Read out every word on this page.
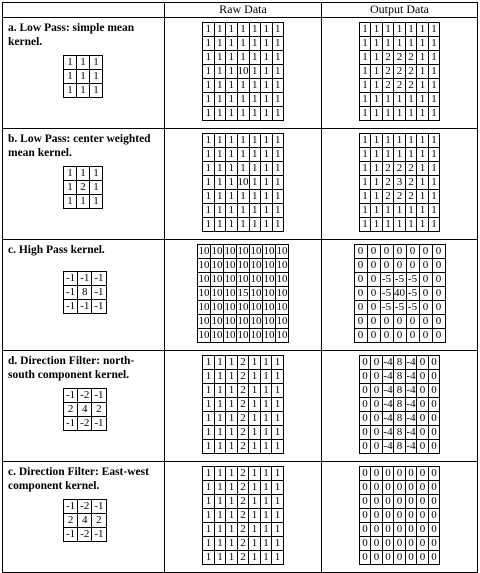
	Raw Data	Output Data

a. Low Pass: simple mean kernel.
1	1	1
1	1	1
1	1	1

1	1	1	1	1	1	1
1	1	1	1	1	1	1
1	1	1	1	1	1	1
1	1	1	10	1	1	1
1	1	1	1	1	1	1
1	1	1	1	1	1	1
1	1	1	1	1	1	1

1	1	1	1	1	1	1
1	1	1	1	1	1	1
1	1	2	2	2	1	1
1	1	2	2	2	1	1
1	1	2	2	2	1	1
1	1	1	1	1	1	1
1	1	1	1	1	1	1

b. Low Pass: center weighted mean kernel.
1	1	1
1	2	1
1	1	1

1	1	1	1	1	1	1
1	1	1	1	1	1	1
1	1	1	1	1	1	1
1	1	1	10	1	1	1
1	1	1	1	1	1	1
1	1	1	1	1	1	1
1	1	1	1	1	1	1

1	1	1	1	1	1	1
1	1	1	1	1	1	1
1	1	2	2	2	1	1
1	1	2	3	2	1	1
1	1	2	2	2	1	1
1	1	1	1	1	1	1
1	1	1	1	1	1	1

c. High Pass kernel.
-1	-1	-1
-1	8	-1
-1	-1	-1

10	10	10	10	10	10	10
10	10	10	10	10	10	10
10	10	10	10	10	10	10
10	10	10	15	10	10	10
10	10	10	10	10	10	10
10	10	10	10	10	10	10
10	10	10	10	10	10	10

0	0	0	0	0	0	0
0	0	0	0	0	0	0
0	0	-5	-5	-5	0	0
0	0	-5	40	-5	0	0
0	0	-5	-5	-5	0	0
0	0	0	0	0	0	0
0	0	0	0	0	0	0

d. Direction Filter: north-south component kernel.
-1	-2	-1
2	4	2
-1	-2	-1

1	1	1	2	1	1	1
1	1	1	2	1	1	1
1	1	1	2	1	1	1
1	1	1	2	1	1	1
1	1	1	2	1	1	1
1	1	1	2	1	1	1
1	1	1	2	1	1	1

0	0	-4	8	-4	0	0
0	0	-4	8	-4	0	0
0	0	-4	8	-4	0	0
0	0	-4	8	-4	0	0
0	0	-4	8	-4	0	0
0	0	-4	8	-4	0	0
0	0	-4	8	-4	0	0

c. Direction Filter: East-west component kernel.
-1	-2	-1
2	4	2
-1	-2	-1

1	1	1	2	1	1	1
1	1	1	2	1	1	1
1	1	1	2	1	1	1
1	1	1	2	1	1	1
1	1	1	2	1	1	1
1	1	1	2	1	1	1
1	1	1	2	1	1	1

0	0	0	0	0	0	0
0	0	0	0	0	0	0
0	0	0	0	0	0	0
0	0	0	0	0	0	0
0	0	0	0	0	0	0
0	0	0	0	0	0	0
0	0	0	0	0	0	0
